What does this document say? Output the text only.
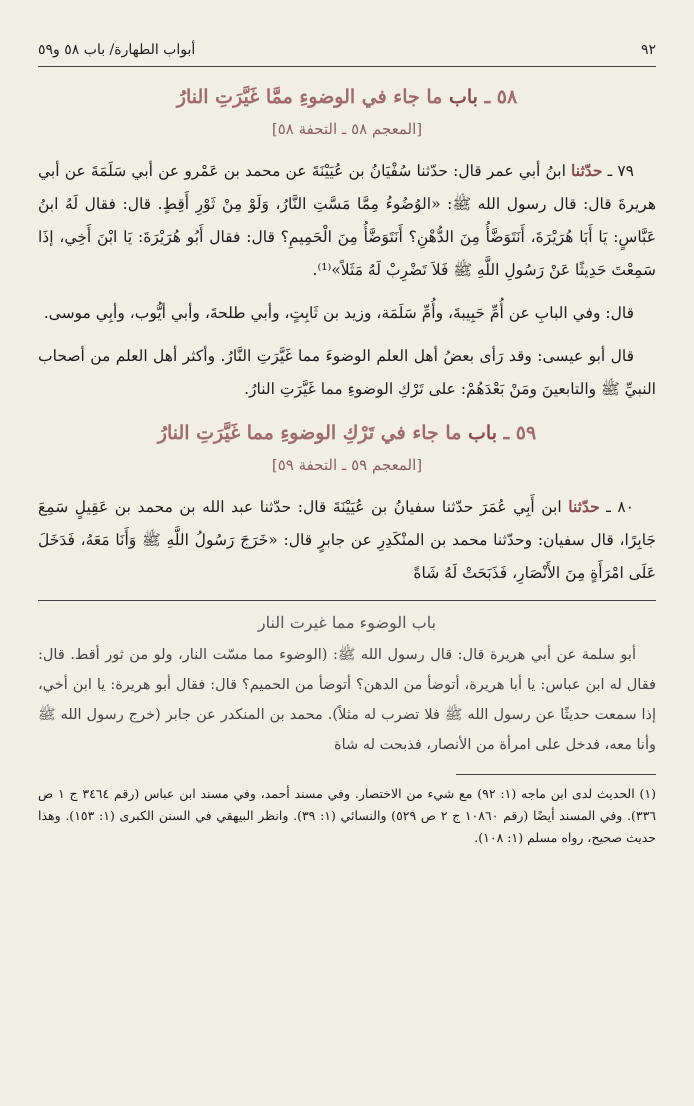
٩٢
أبواب الطهارة/ باب ٥٨ و٥٩
٥٨ ـ باب ما جاء في الوضوءِ ممَّا غَيَّرَتِ النارُ
[المعجم ٥٨ ـ التحفة ٥٨]

٧٩ ـ حدّثنا ابنُ أبي عمر قال: حدّثنا سُفْيَانُ بن عُيَيْنَةَ عن محمد بن عَمْرو عن أبي سَلَمَةَ عن أبي هريرةَ قال: قال رسول الله ﷺ: «الوُضُوءُ مِمَّا مَسَّتِ النَّارُ، وَلَوْ مِنْ ثَوْرِ أَقِطٍ. قال: فقال لَهُ ابنُ عَبَّاسٍ: يَا أَبَا هُرَيْرَةَ، أَنَتَوَضَّأُ مِنَ الدُّهْنِ؟ أَنَتَوَضَّأُ مِنَ الْحَمِيمِ؟ قال: فقال أَبُو هُرَيْرَةَ: يَا ابْنَ أَخِي، إذَا سَمِعْتَ حَدِيثًا عَنْ رَسُولِ اللَّهِ ﷺ فَلاَ تَضْرِبْ لَهُ مَثَلاً»⁽¹⁾.

قال: وفي البابِ عن أُمِّ حَبِيبةَ، وأُمِّ سَلَمَة، وزيد بن ثَابِتٍ، وأبي طلحةَ، وأبي أيُّوب، وأبِي موسى.

قال أبو عيسى: وقد رَأى بعضُ أهل العلم الوضوءَ مما غَيَّرَتِ النَّارُ. وأكثر أهل العلم من أصحاب النبيِّ ﷺ والتابعينَ ومَنْ بَعْدَهُمْ: على تَرْكِ الوضوءِ مما غَيَّرَتِ النارُ.

٥٩ ـ باب ما جاء في تَرْكِ الوضوءِ مما غَيَّرَتِ النارُ
[المعجم ٥٩ ـ التحفة ٥٩]

٨٠ ـ حدّثنا ابن أَبِي عُمَرَ حدّثنا سفيانُ بن عُيَيْنَةَ قال: حدّثنا عبد الله بن محمد بن عَقِيلٍ سَمِعَ جَابِرًا، قال سفيان: وحدّثنا محمد بن المنْكَدِرِ عن جابرٍ قال: «خَرَجَ رَسُولُ اللَّهِ ﷺ وَأَنَا مَعَهُ، فَدَخَلَ عَلَى امْرَأَةٍ مِنَ الأَنْصَارِ، فَذَبَحَتْ لَهُ شَاةً

باب الوضوء مما غيرت النار

أبو سلمة عن أبي هريرة قال: قال رسول الله ﷺ: (الوضوء مما مسّت النار، ولو من ثور أقط. قال: فقال له ابن عباس: يا أبا هريرة، أتوضأ من الدهن؟ أتوضأ من الحميم؟ قال: فقال أبو هريرة: يا ابن أخي، إذا سمعت حديثًا عن رسول الله ﷺ فلا تضرب له مثلاً). محمد بن المنكدر عن جابر (خرج رسول الله ﷺ وأنا معه، فدخل على امرأة من الأنصار، فذبحت له شاة

(١) الحديث لدى ابن ماجه (١: ٩٢) مع شيء من الاختصار. وفي مسند أحمد، وفي مسند ابن عباس (رقم ٣٤٦٤ ج ١ ص ٣٣٦). وفي المسند أيضًا (رقم ١٠٨٦٠ ج ٢ ص ٥٢٩) والنسائي (١: ٣٩). وانظر البيهقي في السنن الكبرى (١: ١٥٣). وهذا حديث صحيح، رواه مسلم (١: ١٠٨).
